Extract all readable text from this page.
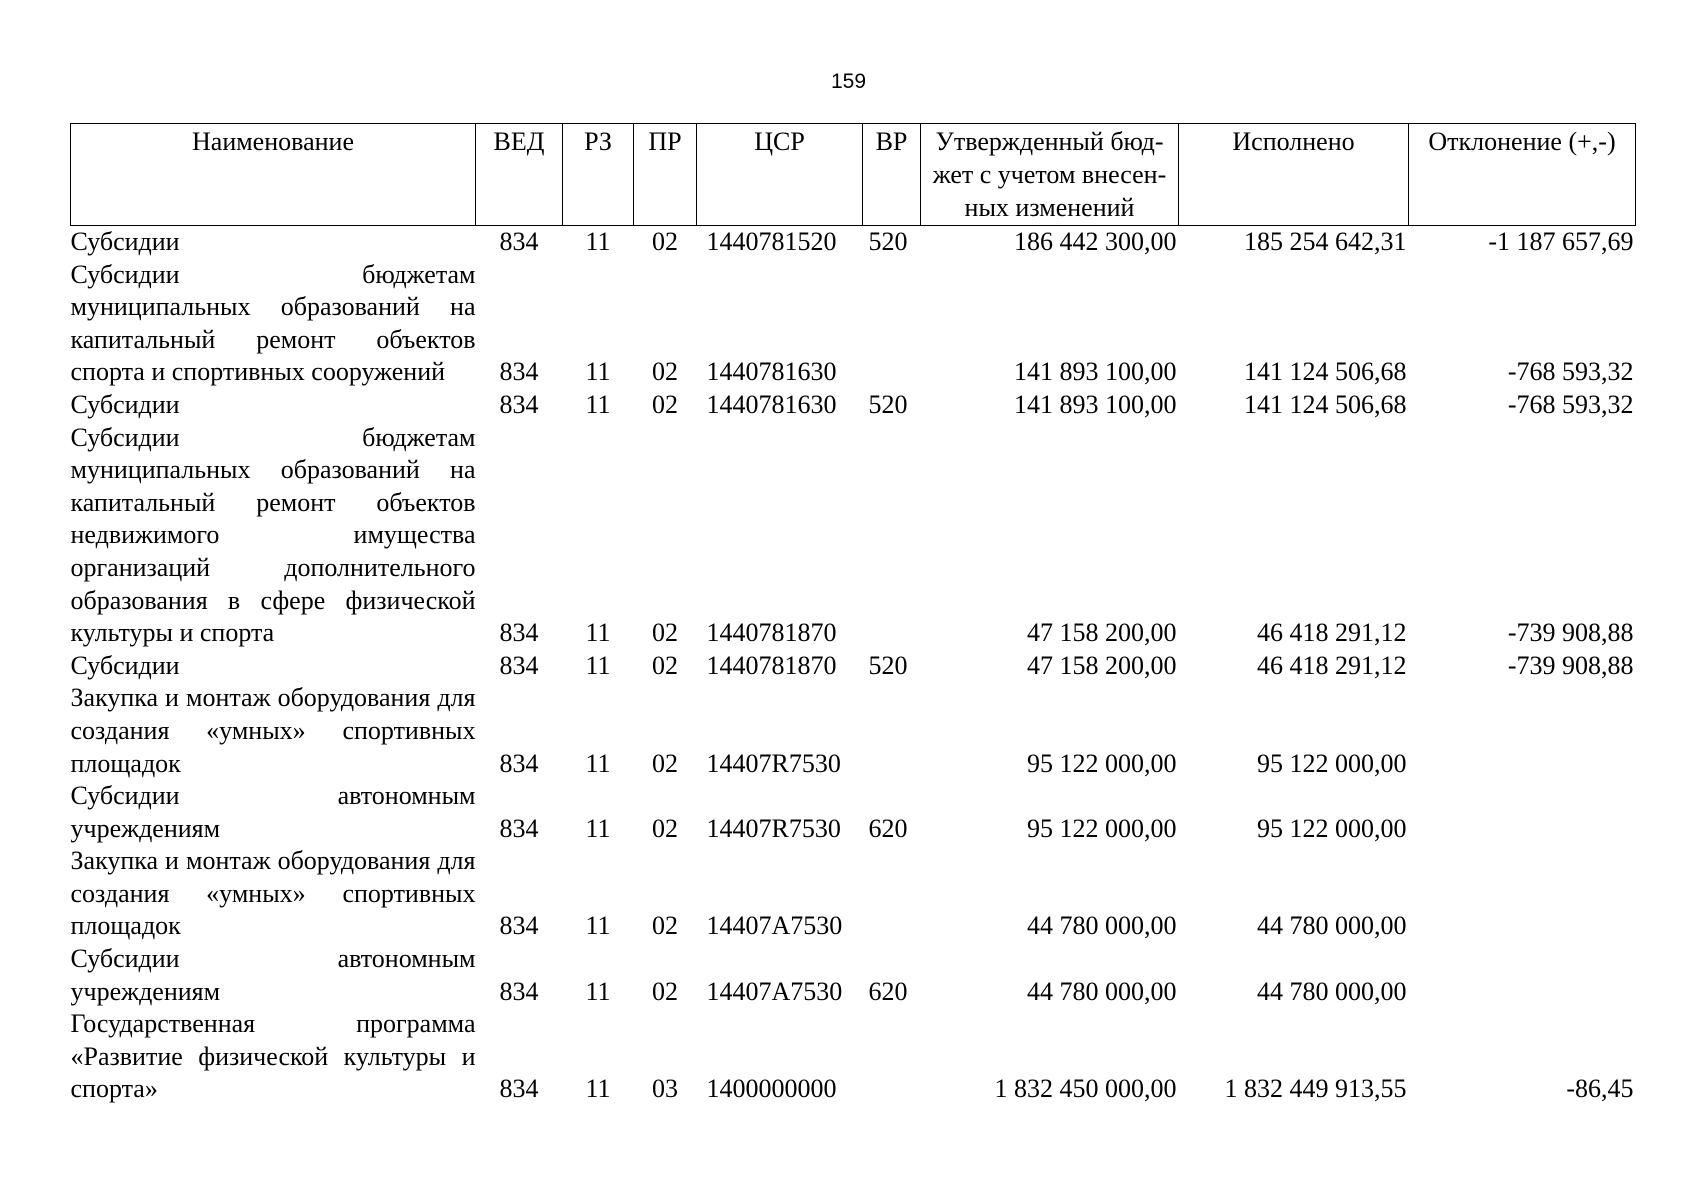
159
Наименование	ВЕД	РЗ	ПР	ЦСР	ВР	Утвержденный бюд-
жет с учетом внесен-
ных изменений	Исполнено	Отклонение (+,-)
Субсидии	834	11	02	1440781520	520	186 442 300,00	185 254 642,31	-1 187 657,69
Субсидии бюджетам муниципальных образований на капитальный ремонт объектов спорта и спортивных сооружений	834	11	02	1440781630		141 893 100,00	141 124 506,68	-768 593,32
Субсидии	834	11	02	1440781630	520	141 893 100,00	141 124 506,68	-768 593,32
Субсидии бюджетам муниципальных образований на капитальный ремонт объектов недвижимого имущества организаций дополнительного образования в сфере физической культуры и спорта	834	11	02	1440781870		47 158 200,00	46 418 291,12	-739 908,88
Субсидии	834	11	02	1440781870	520	47 158 200,00	46 418 291,12	-739 908,88
Закупка и монтаж оборудования для создания «умных» спортивных площадок	834	11	02	14407R7530		95 122 000,00	95 122 000,00	
Субсидии автономным учреждениям	834	11	02	14407R7530	620	95 122 000,00	95 122 000,00	
Закупка и монтаж оборудования для создания «умных» спортивных площадок	834	11	02	14407A7530		44 780 000,00	44 780 000,00	
Субсидии автономным учреждениям	834	11	02	14407A7530	620	44 780 000,00	44 780 000,00	
Государственная программа «Развитие физической культуры и спорта»	834	11	03	1400000000		1 832 450 000,00	1 832 449 913,55	-86,45
